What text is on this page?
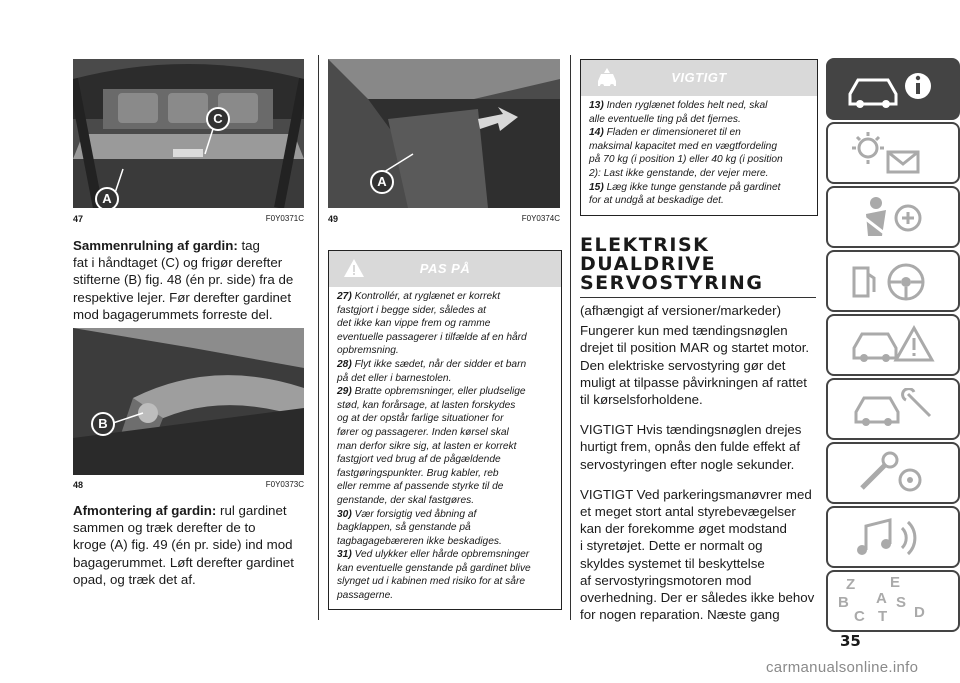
C
A
47	F0Y0371C

Sammenrulning af gardin: tag

fat i håndtaget (C) og frigør derefter

stifterne (B) fig. 48 (én pr. side) fra de

respektive lejer. Før derefter gardinet

mod bagagerummets forreste del.

B
48	F0Y0373C

Afmontering af gardin: rul gardinet

sammen og træk derefter de to

kroge (A) fig. 49 (én pr. side) ind mod

bagagerummet. Løft derefter gardinet

opad, og træk det af.

A
49	F0Y0374C
PAS PÅ

27) Kontrollér, at ryglænet er korrekt

fastgjort i begge sider, således at

det ikke kan vippe frem og ramme

eventuelle passagerer i tilfælde af en hård

opbremsning.

28) Flyt ikke sædet, når der sidder et barn

på det eller i barnestolen.

29) Bratte opbremsninger, eller pludselige

stød, kan forårsage, at lasten forskydes

og at der opstår farlige situationer for

fører og passagerer. Inden kørsel skal

man derfor sikre sig, at lasten er korrekt

fastgjort ved brug af de pågældende

fastgøringspunkter. Brug kabler, reb

eller remme af passende styrke til de

genstande, der skal fastgøres.

30) Vær forsigtig ved åbning af

bagklappen, så genstande på

tagbagagebæreren ikke beskadiges.

31) Ved ulykker eller hårde opbremsninger

kan eventuelle genstande på gardinet blive

slynget ud i kabinen med risiko for at såre

passagerne.

VIGTIGT

13) Inden ryglænet foldes helt ned, skal

alle eventuelle ting på det fjernes.

14) Fladen er dimensioneret til en

maksimal kapacitet med en vægtfordeling

på 70 kg (i position 1) eller 40 kg (i position

2): Last ikke genstande, der vejer mere.

15) Læg ikke tunge genstande på gardinet

for at undgå at beskadige det.

ELEKTRISK

DUALDRIVE

SERVOSTYRING

(afhængigt af versioner/markeder)

Fungerer kun med tændingsnøglen

drejet til position MAR og startet motor.

Den elektriske servostyring gør det

muligt at tilpasse påvirkningen af rattet

til kørselsforholdene.

VIGTIGT Hvis tændingsnøglen drejes

hurtigt frem, opnås den fulde effekt af

servostyringen efter nogle sekunder.

VIGTIGT Ved parkeringsmanøvrer med

et meget stort antal styrebevægelser

kan der forekomme øget modstand

i styretøjet. Dette er normalt og

skyldes systemet til beskyttelse

af servostyringsmotoren mod

overhedning. Der er således ikke behov

for nogen reparation. Næste gang

Z E
A
B	S
C	D
T
35
carmanualsonline.info
